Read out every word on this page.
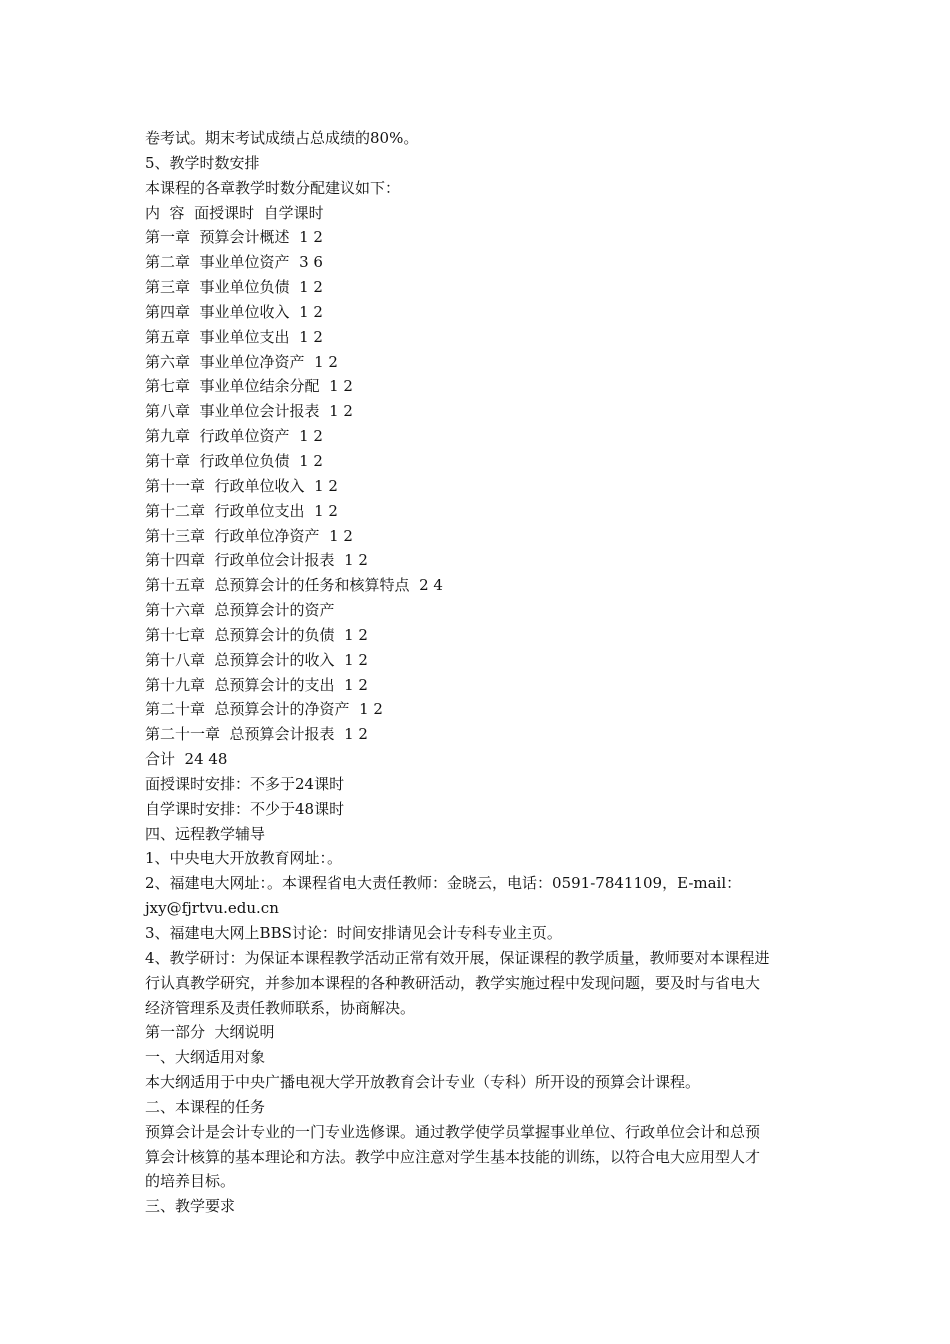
卷考试。期末考试成绩占总成绩的80%。

5、教学时数安排

本课程的各章教学时数分配建议如下：

内  容  面授课时  自学课时

第一章  预算会计概述  1 2

第二章  事业单位资产  3 6

第三章  事业单位负债  1 2

第四章  事业单位收入  1 2

第五章  事业单位支出  1 2

第六章  事业单位净资产  1 2

第七章  事业单位结余分配  1 2

第八章  事业单位会计报表  1 2

第九章  行政单位资产  1 2

第十章  行政单位负债  1 2

第十一章  行政单位收入  1 2

第十二章  行政单位支出  1 2

第十三章  行政单位净资产  1 2

第十四章  行政单位会计报表  1 2

第十五章  总预算会计的任务和核算特点  2 4

第十六章  总预算会计的资产

第十七章  总预算会计的负债  1 2

第十八章  总预算会计的收入  1 2

第十九章  总预算会计的支出  1 2

第二十章  总预算会计的净资产  1 2

第二十一章  总预算会计报表  1 2

合计  24 48

面授课时安排：不多于24课时

自学课时安排：不少于48课时

四、远程教学辅导

1、中央电大开放教育网址：。

2、福建电大网址：。本课程省电大责任教师：金晓云，电话：0591-7841109，E-mail：

jxy@fjrtvu.edu.cn

3、福建电大网上BBS讨论：时间安排请见会计专科专业主页。

4、教学研讨：为保证本课程教学活动正常有效开展，保证课程的教学质量，教师要对本课程进

行认真教学研究，并参加本课程的各种教研活动，教学实施过程中发现问题，要及时与省电大

经济管理系及责任教师联系，协商解决。

第一部分  大纲说明

一、大纲适用对象

本大纲适用于中央广播电视大学开放教育会计专业（专科）所开设的预算会计课程。

二、本课程的任务

预算会计是会计专业的一门专业选修课。通过教学使学员掌握事业单位、行政单位会计和总预

算会计核算的基本理论和方法。教学中应注意对学生基本技能的训练，以符合电大应用型人才

的培养目标。

三、教学要求
